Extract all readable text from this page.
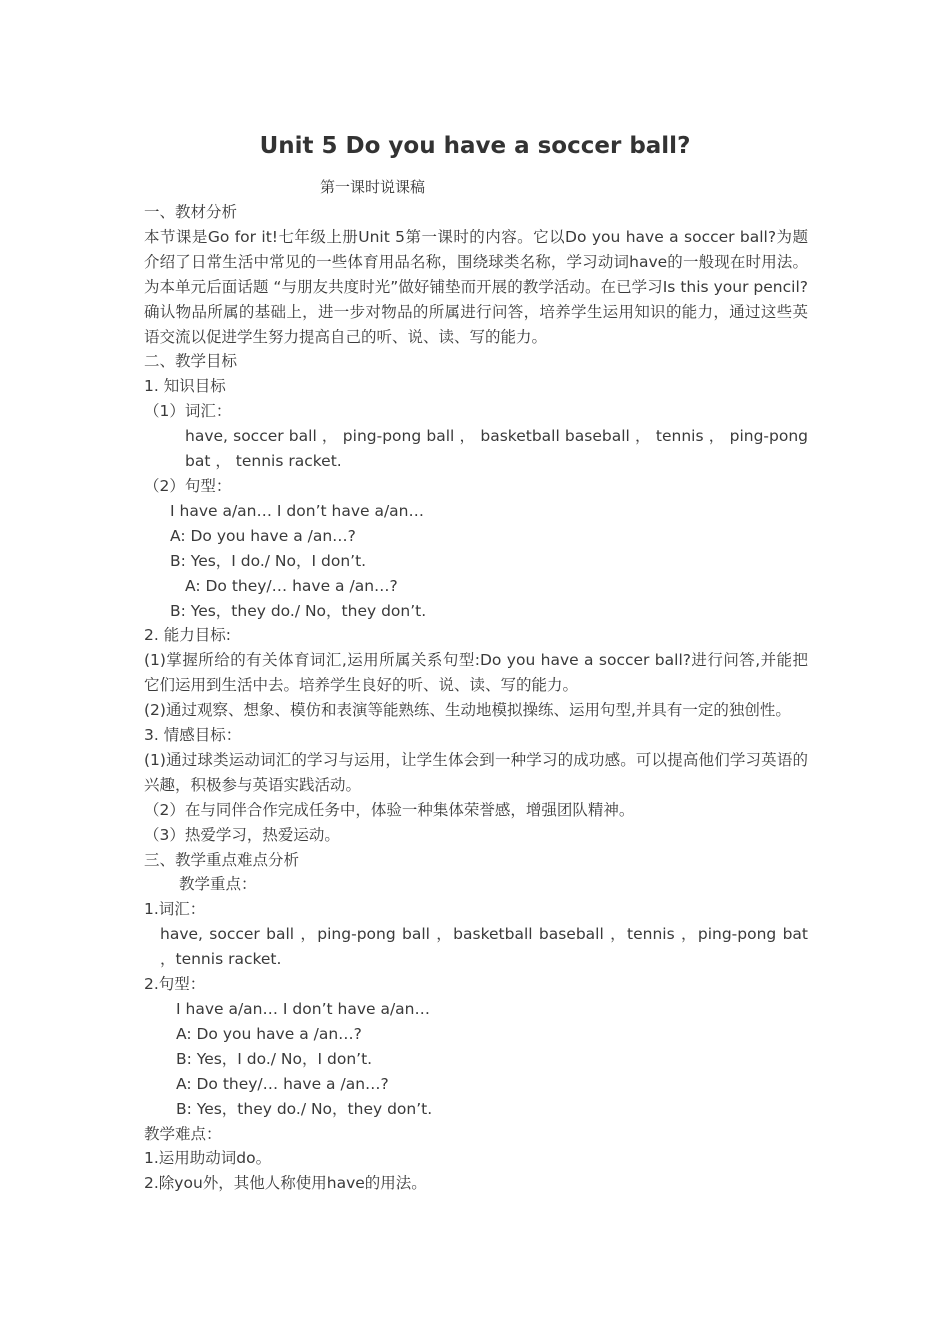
Unit 5 Do you have a soccer ball?
第一课时说课稿

一、教材分析

本节课是Go for it!七年级上册Unit 5第一课时的内容。它以Do you have a soccer ball?为题介绍了日常生活中常见的一些体育用品名称，围绕球类名称，学习动词have的一般现在时用法。为本单元后面话题 “与朋友共度时光”做好铺垫而开展的教学活动。在已学习Is this your pencil?确认物品所属的基础上，进一步对物品的所属进行问答，培养学生运用知识的能力，通过这些英语交流以促进学生努力提高自己的听、说、读、写的能力。

二、教学目标

1. 知识目标

（1）词汇：

have, soccer ball ， ping-pong ball ， basketball baseball ， tennis ， ping-pong bat ， tennis racket.

（2）句型：

I have a/an… I don’t have a/an…

A: Do you have a /an…?

B: Yes，I do./ No，I don’t.

A: Do they/… have a /an…?

B: Yes，they do./ No，they don’t.

2. 能力目标:

(1)掌握所给的有关体育词汇,运用所属关系句型:Do you have a soccer ball?进行问答,并能把它们运用到生活中去。培养学生良好的听、说、读、写的能力。

(2)通过观察、想象、模仿和表演等能熟练、生动地模拟操练、运用句型,并具有一定的独创性。

3. 情感目标：

(1)通过球类运动词汇的学习与运用，让学生体会到一种学习的成功感。可以提高他们学习英语的兴趣，积极参与英语实践活动。

（2）在与同伴合作完成任务中，体验一种集体荣誉感，增强团队精神。

（3）热爱学习，热爱运动。

三、教学重点难点分析

教学重点：

1.词汇：

have, soccer ball ，ping-pong ball ，basketball baseball ，tennis ，ping-pong bat ，tennis racket.

2.句型：

I have a/an… I don’t have a/an…

A: Do you have a /an…?

B: Yes，I do./ No，I don’t.

A: Do they/… have a /an…?

B: Yes，they do./ No，they don’t.

教学难点：

1.运用助动词do。

2.除you外，其他人称使用have的用法。
